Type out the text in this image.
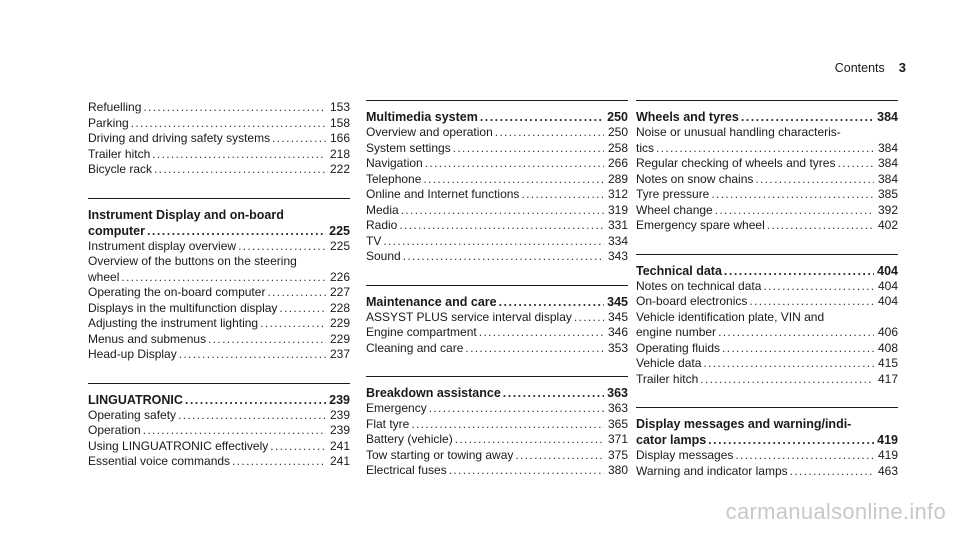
Contents 3
Refuelling . . .	153
Parking . . .	158
Driving and driving safety systems . . .	166
Trailer hitch . . .	218
Bicycle rack . . .	222
Instrument Display and on-board
computer . . .	225
Instrument display overview . . .	225
Overview of the buttons on the steering
wheel . . .	226
Operating the on-board computer . . .	227
Displays in the multifunction display . . .	228
Adjusting the instrument lighting . . .	229
Menus and submenus . . .	229
Head-up Display . . .	237
LINGUATRONIC . . .	239
Operating safety . . .	239
Operation . . .	239
Using LINGUATRONIC effectively . . .	241
Essential voice commands . . .	241
Multimedia system . . .	250
Overview and operation . . .	250
System settings . . .	258
Navigation . . .	266
Telephone . . .	289
Online and Internet functions . . .	312
Media . . .	319
Radio . . .	331
TV . . .	334
Sound . . .	343
Maintenance and care . . .	345
ASSYST PLUS service interval display . . .	345
Engine compartment . . .	346
Cleaning and care . . .	353
Breakdown assistance . . .	363
Emergency . . .	363
Flat tyre . . .	365
Battery (vehicle) . . .	371
Tow starting or towing away . . .	375
Electrical fuses . . .	380
Wheels and tyres . . .	384
Noise or unusual handling characteris-
tics . . .	384
Regular checking of wheels and tyres . . .	384
Notes on snow chains . . .	384
Tyre pressure . . .	385
Wheel change . . .	392
Emergency spare wheel . . .	402
Technical data . . .	404
Notes on technical data . . .	404
On-board electronics . . .	404
Vehicle identification plate, VIN and
engine number . . .	406
Operating fluids . . .	408
Vehicle data . . .	415
Trailer hitch . . .	417
Display messages and warning/indi-
cator lamps . . .	419
Display messages . . .	419
Warning and indicator lamps . . .	463
carmanualsonline.info
